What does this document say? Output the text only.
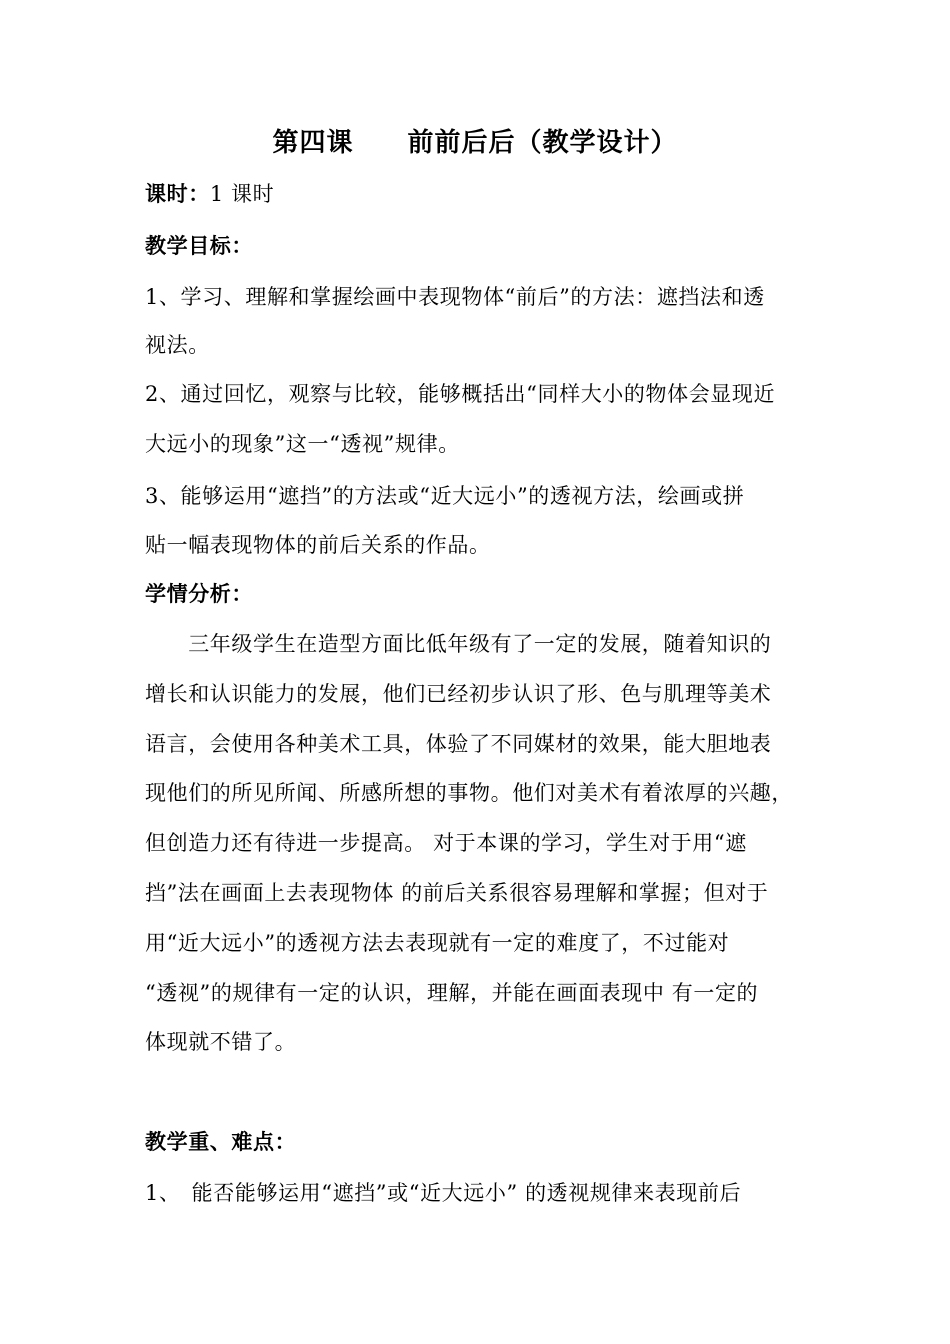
第四课　　前前后后（教学设计）
课时：1 课时
教学目标：
1、学习、理解和掌握绘画中表现物体“前后”的方法：遮挡法和透
视法。
2、通过回忆，观察与比较，能够概括出“同样大小的物体会显现近
大远小的现象”这一“透视”规律。
3、能够运用“遮挡”的方法或“近大远小”的透视方法，绘画或拼
贴一幅表现物体的前后关系的作品。
学情分析：
　　三年级学生在造型方面比低年级有了一定的发展，随着知识的
增长和认识能力的发展，他们已经初步认识了形、色与肌理等美术
语言，会使用各种美术工具，体验了不同媒材的效果，能大胆地表
现他们的所见所闻、所感所想的事物。他们对美术有着浓厚的兴趣，
但创造力还有待进一步提高。 对于本课的学习，学生对于用“遮
挡”法在画面上去表现物体 的前后关系很容易理解和掌握；但对于
用“近大远小”的透视方法去表现就有一定的难度了，不过能对
“透视”的规律有一定的认识，理解，并能在画面表现中 有一定的
体现就不错了。
教学重、难点：
1、　能否能够运用“遮挡”或“近大远小” 的透视规律来表现前后
